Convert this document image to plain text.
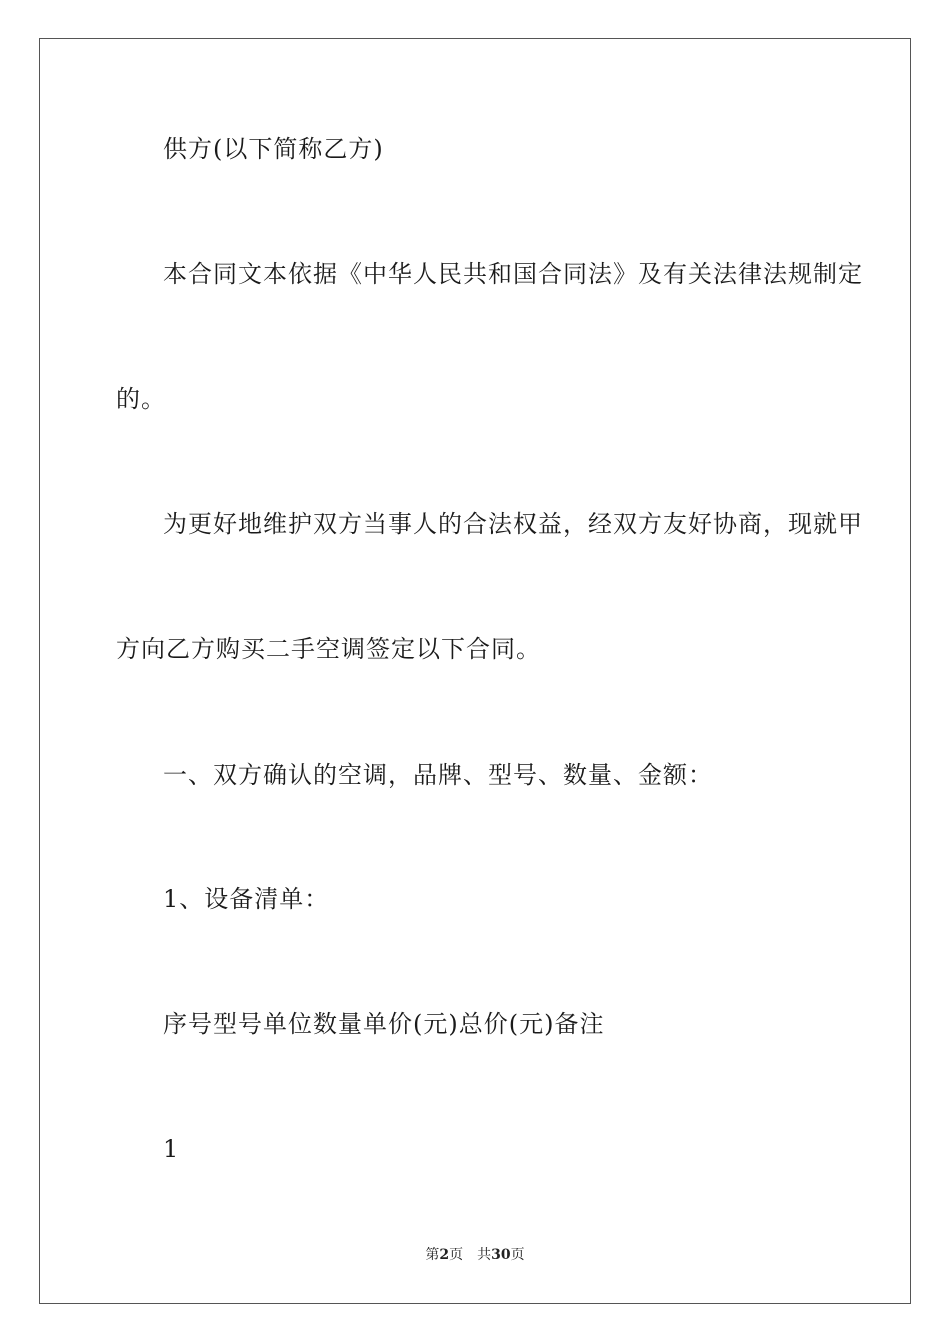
供方(以下简称乙方)
本合同文本依据《中华人民共和国合同法》及有关法律法规制定
的。
为更好地维护双方当事人的合法权益，经双方友好协商，现就甲
方向乙方购买二手空调签定以下合同。
一、双方确认的空调，品牌、型号、数量、金额：
1、设备清单：
序号型号单位数量单价(元)总价(元)备注
1
第2页 共30页
